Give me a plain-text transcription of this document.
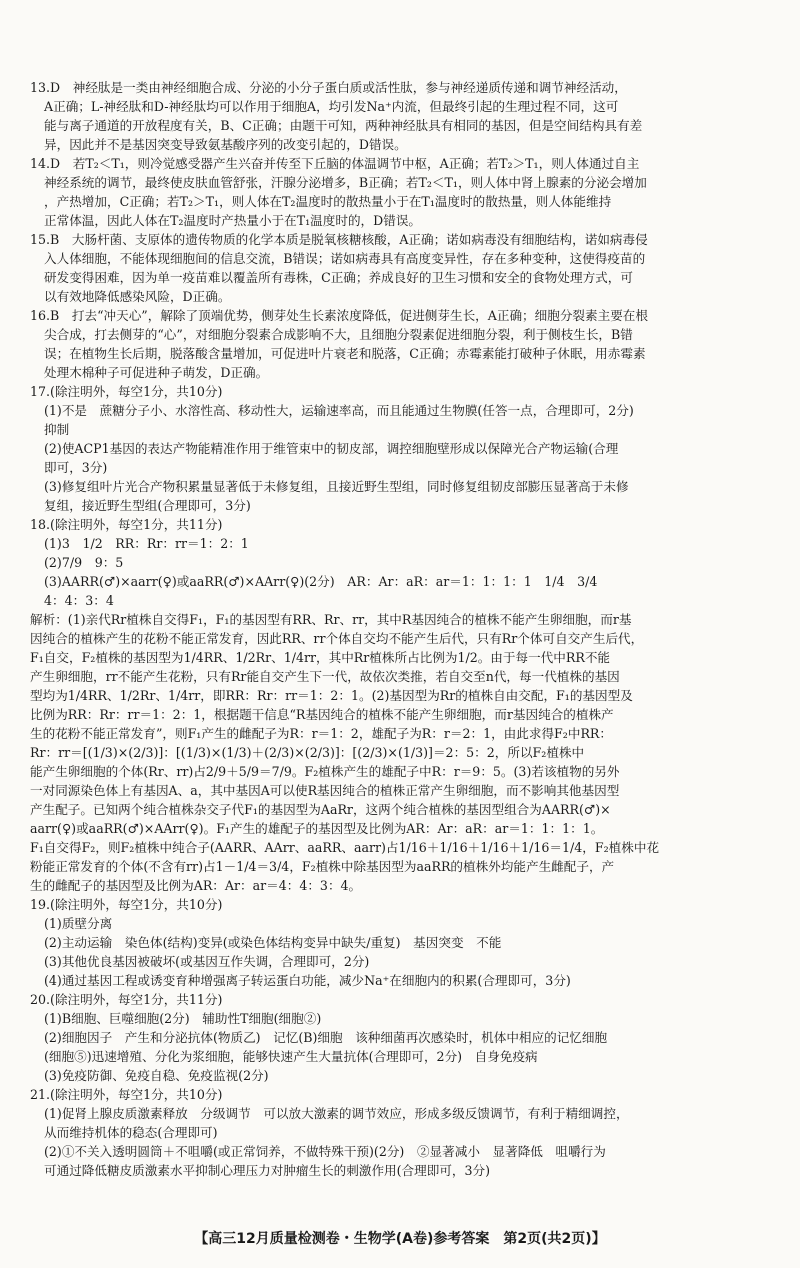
13.D　神经肽是一类由神经细胞合成、分泌的小分子蛋白质或活性肽，参与神经递质传递和调节神经活动，

A正确；L-神经肽和D-神经肽均可以作用于细胞A，均引发Na⁺内流，但最终引起的生理过程不同，这可

能与离子通道的开放程度有关，B、C正确；由题干可知，两种神经肽具有相同的基因，但是空间结构具有差

异，因此并不是基因突变导致氨基酸序列的改变引起的，D错误。

14.D　若T₂＜T₁，则冷觉感受器产生兴奋并传至下丘脑的体温调节中枢，A正确；若T₂＞T₁，则人体通过自主

神经系统的调节，最终使皮肤血管舒张，汗腺分泌增多，B正确；若T₂＜T₁，则人体中肾上腺素的分泌会增加

，产热增加，C正确；若T₂＞T₁，则人体在T₂温度时的散热量小于在T₁温度时的散热量，则人体能维持

正常体温，因此人体在T₂温度时产热量小于在T₁温度时的，D错误。

15.B　大肠杆菌、支原体的遗传物质的化学本质是脱氧核糖核酸，A正确；诺如病毒没有细胞结构，诺如病毒侵

入人体细胞，不能体现细胞间的信息交流，B错误；诺如病毒具有高度变异性，存在多种变种，这使得疫苗的

研发变得困难，因为单一疫苗难以覆盖所有毒株，C正确；养成良好的卫生习惯和安全的食物处理方式，可

以有效地降低感染风险，D正确。

16.B　打去“冲天心”，解除了顶端优势，侧芽处生长素浓度降低，促进侧芽生长，A正确；细胞分裂素主要在根

尖合成，打去侧芽的“心”，对细胞分裂素合成影响不大，且细胞分裂素促进细胞分裂，利于侧枝生长，B错

误；在植物生长后期，脱落酸含量增加，可促进叶片衰老和脱落，C正确；赤霉素能打破种子休眠，用赤霉素

处理木棉种子可促进种子萌发，D正确。

17.(除注明外，每空1分，共10分)

(1)不是　蔗糖分子小、水溶性高、移动性大，运输速率高，而且能通过生物膜(任答一点，合理即可，2分)

抑制

(2)使ACP1基因的表达产物能精准作用于维管束中的韧皮部，调控细胞壁形成以保障光合产物运输(合理

即可，3分)

(3)修复组叶片光合产物积累量显著低于未修复组，且接近野生型组，同时修复组韧皮部膨压显著高于未修

复组，接近野生型组(合理即可，3分)

18.(除注明外，每空1分，共11分)

(1)3　1/2　RR：Rr：rr＝1：2：1

(2)7/9　9：5

(3)AARR(♂)×aarr(♀)或aaRR(♂)×AArr(♀)(2分)　AR：Ar：aR：ar＝1：1：1：1　1/4　3/4

4：4：3：4

解析：(1)亲代Rr植株自交得F₁，F₁的基因型有RR、Rr、rr，其中R基因纯合的植株不能产生卵细胞，而r基

因纯合的植株产生的花粉不能正常发育，因此RR、rr个体自交均不能产生后代，只有Rr个体可自交产生后代，

F₁自交，F₂植株的基因型为1/4RR、1/2Rr、1/4rr，其中Rr植株所占比例为1/2。由于每一代中RR不能

产生卵细胞，rr不能产生花粉，只有Rr能自交产生下一代，故依次类推，若自交至n代，每一代植株的基因

型均为1/4RR、1/2Rr、1/4rr，即RR：Rr：rr＝1：2：1。(2)基因型为Rr的植株自由交配，F₁的基因型及

比例为RR：Rr：rr＝1：2：1，根据题干信息“R基因纯合的植株不能产生卵细胞，而r基因纯合的植株产

生的花粉不能正常发育”，则F₁产生的雌配子为R：r＝1：2，雄配子为R：r＝2：1，由此求得F₂中RR：

Rr：rr＝[(1/3)×(2/3)]：[(1/3)×(1/3)＋(2/3)×(2/3)]：[(2/3)×(1/3)]＝2：5：2，所以F₂植株中

能产生卵细胞的个体(Rr、rr)占2/9＋5/9＝7/9。F₂植株产生的雄配子中R：r＝9：5。(3)若该植物的另外

一对同源染色体上有基因A、a，其中基因A可以使R基因纯合的植株正常产生卵细胞，而不影响其他基因型

产生配子。已知两个纯合植株杂交子代F₁的基因型为AaRr，这两个纯合植株的基因型组合为AARR(♂)×

aarr(♀)或aaRR(♂)×AArr(♀)。F₁产生的雄配子的基因型及比例为AR：Ar：aR：ar＝1：1：1：1。

F₁自交得F₂，则F₂植株中纯合子(AARR、AArr、aaRR、aarr)占1/16＋1/16＋1/16＋1/16＝1/4，F₂植株中花

粉能正常发育的个体(不含有rr)占1－1/4＝3/4，F₂植株中除基因型为aaRR的植株外均能产生雌配子，产

生的雌配子的基因型及比例为AR：Ar：ar＝4：4：3：4。

19.(除注明外，每空1分，共10分)

(1)质壁分离

(2)主动运输　染色体(结构)变异(或染色体结构变异中缺失/重复)　基因突变　不能

(3)其他优良基因被破坏(或基因互作失调，合理即可，2分)

(4)通过基因工程或诱变育种增强离子转运蛋白功能，减少Na⁺在细胞内的积累(合理即可，3分)

20.(除注明外，每空1分，共11分)

(1)B细胞、巨噬细胞(2分)　辅助性T细胞(细胞②)

(2)细胞因子　产生和分泌抗体(物质乙)　记忆(B)细胞　该种细菌再次感染时，机体中相应的记忆细胞

(细胞⑤)迅速增殖、分化为浆细胞，能够快速产生大量抗体(合理即可，2分)　自身免疫病

(3)免疫防御、免疫自稳、免疫监视(2分)

21.(除注明外，每空1分，共10分)

(1)促肾上腺皮质激素释放　分级调节　可以放大激素的调节效应，形成多级反馈调节，有利于精细调控，

从而维持机体的稳态(合理即可)

(2)①不关入透明圆筒＋不咀嚼(或正常饲养，不做特殊干预)(2分)　②显著减小　显著降低　咀嚼行为

可通过降低糖皮质激素水平抑制心理压力对肿瘤生长的刺激作用(合理即可，3分)

【高三12月质量检测卷・生物学(A卷)参考答案　第2页(共2页)】
